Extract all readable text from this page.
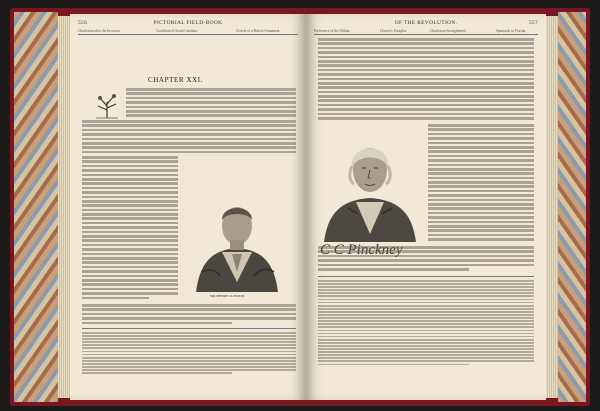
556	PICTORIAL FIELD-BOOK
Charleston after the Invasion.	Condition of South Carolina.	Arrival of a British Armament.
CHAPTER XXI.
SIR HENRY CLINTON
OF THE REVOLUTION.	557
Preference of the Militia.	Clinton's Scruples.	Charleston Strengthened.	Spaniards in Florida.
